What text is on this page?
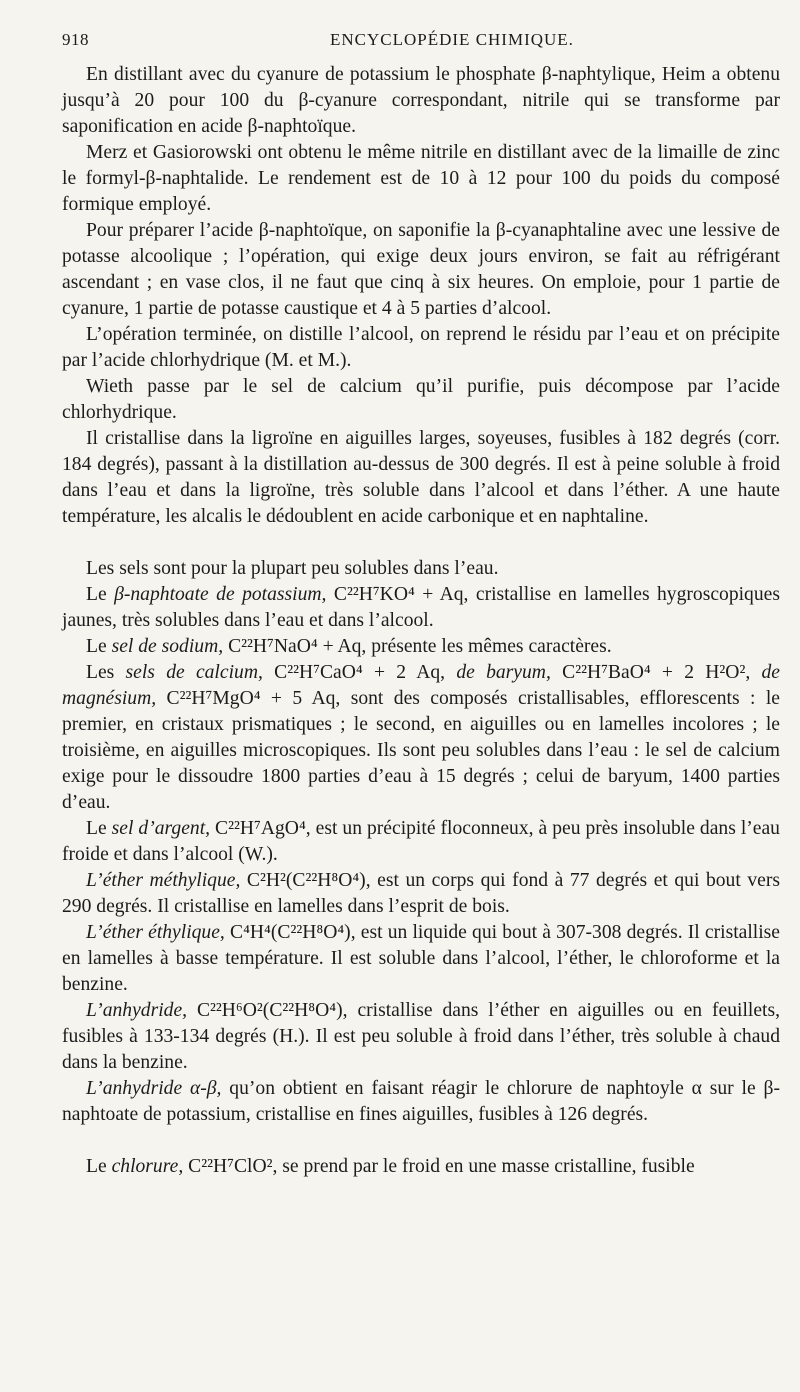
918	ENCYCLOPÉDIE CHIMIQUE.

En distillant avec du cyanure de potassium le phosphate β-naphtylique, Heim a obtenu jusqu’à 20 pour 100 du β-cyanure correspondant, nitrile qui se transforme par saponification en acide β-naphtoïque.

Merz et Gasiorowski ont obtenu le même nitrile en distillant avec de la limaille de zinc le formyl-β-naphtalide. Le rendement est de 10 à 12 pour 100 du poids du composé formique employé.

Pour préparer l’acide β-naphtoïque, on saponifie la β-cyanaphtaline avec une lessive de potasse alcoolique ; l’opération, qui exige deux jours environ, se fait au réfrigérant ascendant ; en vase clos, il ne faut que cinq à six heures. On emploie, pour 1 partie de cyanure, 1 partie de potasse caustique et 4 à 5 parties d’alcool.

L’opération terminée, on distille l’alcool, on reprend le résidu par l’eau et on précipite par l’acide chlorhydrique (M. et M.).

Wieth passe par le sel de calcium qu’il purifie, puis décompose par l’acide chlorhydrique.

Il cristallise dans la ligroïne en aiguilles larges, soyeuses, fusibles à 182 degrés (corr. 184 degrés), passant à la distillation au-dessus de 300 degrés. Il est à peine soluble à froid dans l’eau et dans la ligroïne, très soluble dans l’alcool et dans l’éther. A une haute température, les alcalis le dédoublent en acide carbonique et en naphtaline.

Les sels sont pour la plupart peu solubles dans l’eau.

Le β-naphtoate de potassium, C²²H⁷KO⁴ + Aq, cristallise en lamelles hygroscopiques jaunes, très solubles dans l’eau et dans l’alcool.

Le sel de sodium, C²²H⁷NaO⁴ + Aq, présente les mêmes caractères.

Les sels de calcium, C²²H⁷CaO⁴ + 2 Aq, de baryum, C²²H⁷BaO⁴ + 2 H²O², de magnésium, C²²H⁷MgO⁴ + 5 Aq, sont des composés cristallisables, efflorescents : le premier, en cristaux prismatiques ; le second, en aiguilles ou en lamelles incolores ; le troisième, en aiguilles microscopiques. Ils sont peu solubles dans l’eau : le sel de calcium exige pour le dissoudre 1800 parties d’eau à 15 degrés ; celui de baryum, 1400 parties d’eau.

Le sel d’argent, C²²H⁷AgO⁴, est un précipité floconneux, à peu près insoluble dans l’eau froide et dans l’alcool (W.).

L’éther méthylique, C²H²(C²²H⁸O⁴), est un corps qui fond à 77 degrés et qui bout vers 290 degrés. Il cristallise en lamelles dans l’esprit de bois.

L’éther éthylique, C⁴H⁴(C²²H⁸O⁴), est un liquide qui bout à 307-308 degrés. Il cristallise en lamelles à basse température. Il est soluble dans l’alcool, l’éther, le chloroforme et la benzine.

L’anhydride, C²²H⁶O²(C²²H⁸O⁴), cristallise dans l’éther en aiguilles ou en feuillets, fusibles à 133-134 degrés (H.). Il est peu soluble à froid dans l’éther, très soluble à chaud dans la benzine.

L’anhydride α-β, qu’on obtient en faisant réagir le chlorure de naphtoyle α sur le β-naphtoate de potassium, cristallise en fines aiguilles, fusibles à 126 degrés.

Le chlorure, C²²H⁷ClO², se prend par le froid en une masse cristalline, fusible
